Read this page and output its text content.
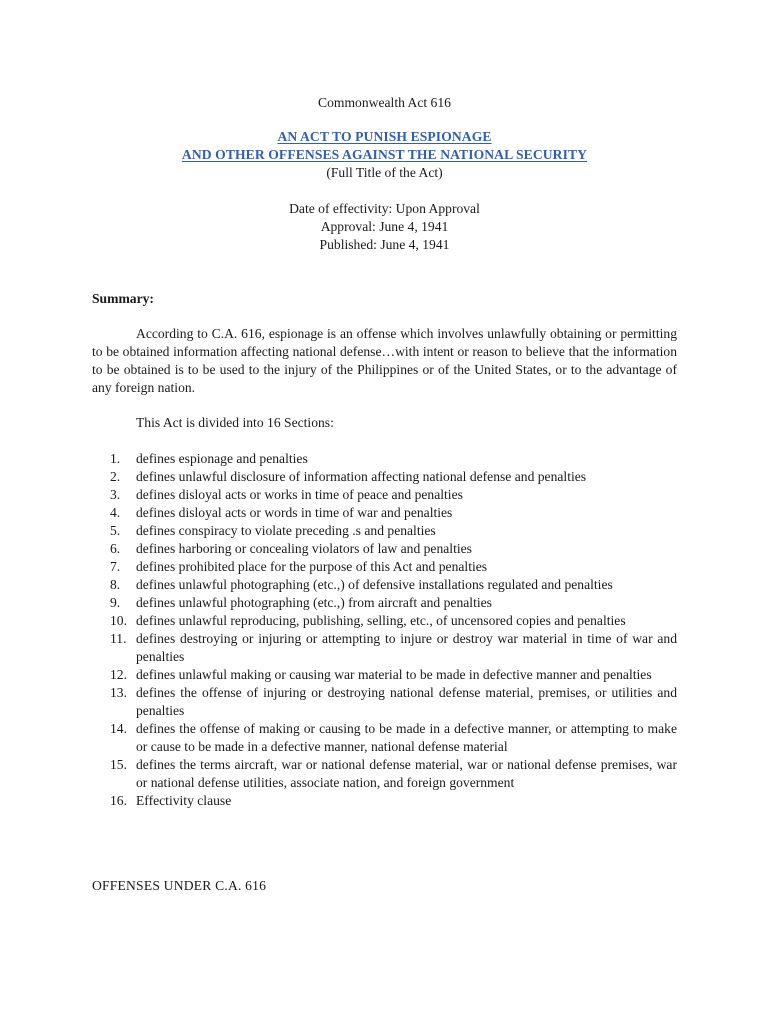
Commonwealth Act 616
AN ACT TO PUNISH ESPIONAGE
AND OTHER OFFENSES AGAINST THE NATIONAL SECURITY
(Full Title of the Act)
Date of effectivity: Upon Approval
Approval: June 4, 1941
Published: June 4, 1941
Summary:

According to C.A. 616, espionage is an offense which involves unlawfully obtaining or permitting to be obtained information affecting national defense…with intent or reason to believe that the information to be obtained is to be used to the injury of the Philippines or of the United States, or to the advantage of any foreign nation.

This Act is divided into 16 Sections:
1. defines espionage and penalties
2. defines unlawful disclosure of information affecting national defense and penalties
3. defines disloyal acts or works in time of peace and penalties
4. defines disloyal acts or words in time of war and penalties
5. defines conspiracy to violate preceding .s and penalties
6. defines harboring or concealing violators of law and penalties
7. defines prohibited place for the purpose of this Act and penalties
8. defines unlawful photographing (etc.,) of defensive installations regulated and penalties
9. defines unlawful photographing (etc.,) from aircraft and penalties
10. defines unlawful reproducing, publishing, selling, etc., of uncensored copies and penalties
11. defines destroying or injuring or attempting to injure or destroy war material in time of war and penalties
12. defines unlawful making or causing war material to be made in defective manner and penalties
13. defines the offense of injuring or destroying national defense material, premises, or utilities and penalties
14. defines the offense of making or causing to be made in a defective manner, or attempting to make or cause to be made in a defective manner, national defense material
15. defines the terms aircraft, war or national defense material, war or national defense premises, war or national defense utilities, associate nation, and foreign government
16. Effectivity clause
OFFENSES UNDER C.A. 616
